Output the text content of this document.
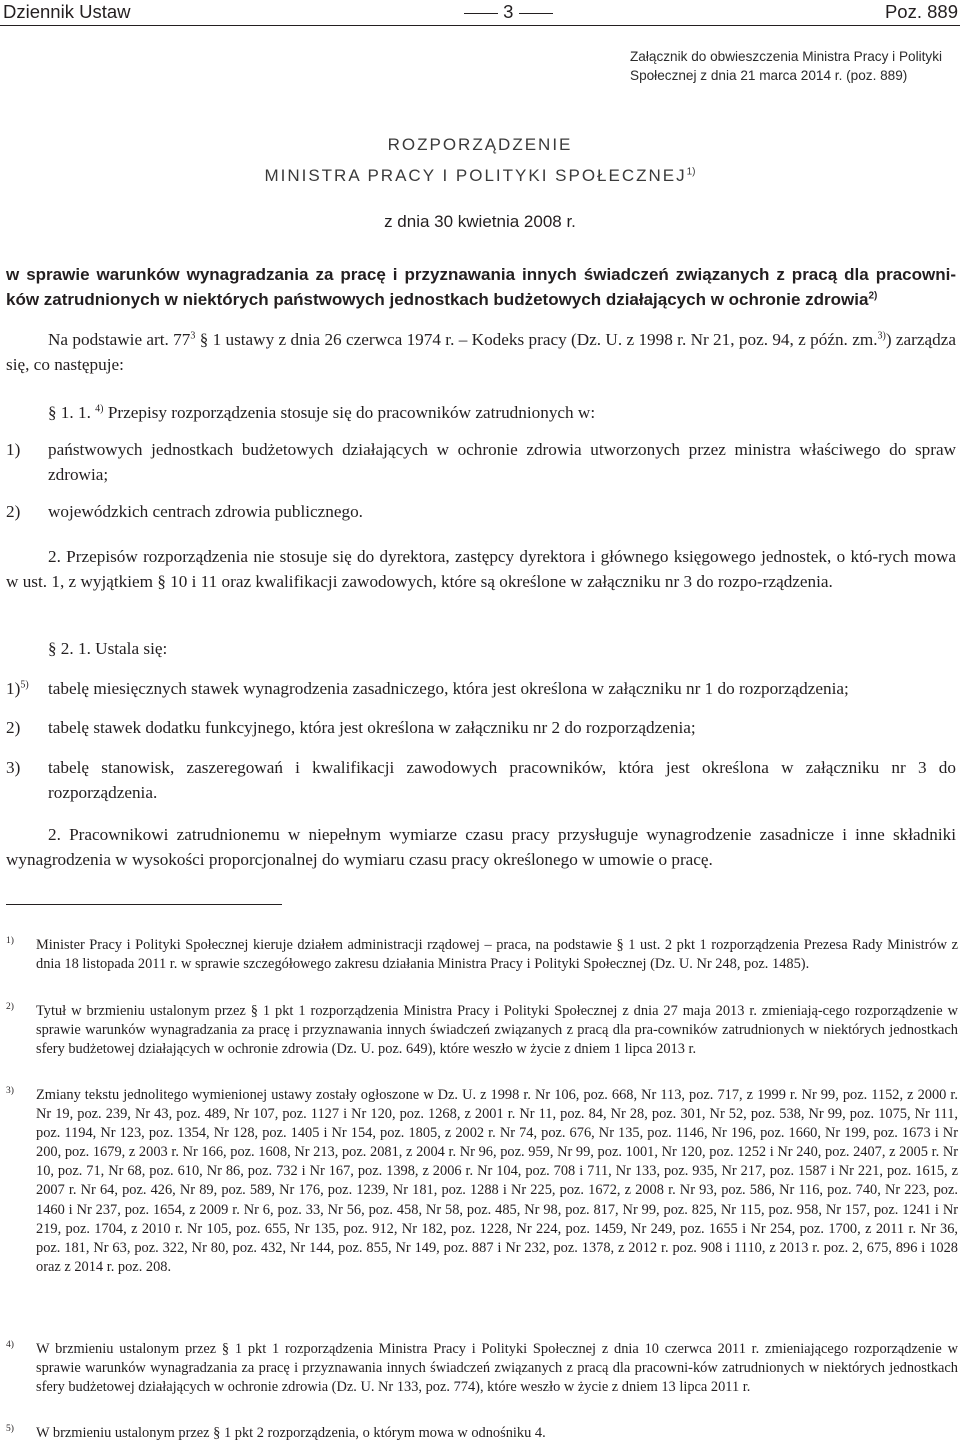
Dziennik Ustaw	3	Poz. 889
Załącznik do obwieszczenia Ministra Pracy i Polityki Społecznej z dnia 21 marca 2014 r. (poz. 889)
ROZPORZĄDZENIE
MINISTRA PRACY I POLITYKI SPOŁECZNEJ$^{1)}$
z dnia 30 kwietnia 2008 r.
w sprawie warunków wynagradzania za pracę i przyznawania innych świadczeń związanych z pracą dla pracowni-
ków zatrudnionych w niektórych państwowych jednostkach budżetowych działających w ochronie zdrowia$^{2)}$
Na podstawie art. $77^3$ § 1 ustawy z dnia 26 czerwca 1974 r. – Kodeks pracy (Dz. U. z 1998 r. Nr 21, poz. 94, z późn. zm.$^{3)}$) zarządza się, co następuje:
§ 1. 1. $^{4)}$ Przepisy rozporządzenia stosuje się do pracowników zatrudnionych w:
1) państwowych jednostkach budżetowych działających w ochronie zdrowia utworzonych przez ministra właściwego do spraw zdrowia;
2) wojewódzkich centrach zdrowia publicznego.
2. Przepisów rozporządzenia nie stosuje się do dyrektora, zastępcy dyrektora i głównego księgowego jednostek, o któ-rych mowa w ust. 1, z wyjątkiem § 10 i 11 oraz kwalifikacji zawodowych, które są określone w załączniku nr 3 do rozpo-rządzenia.
§ 2. 1. Ustala się:
1)$^{5)}$ tabelę miesięcznych stawek wynagrodzenia zasadniczego, która jest określona w załączniku nr 1 do rozporządzenia;
2) tabelę stawek dodatku funkcyjnego, która jest określona w załączniku nr 2 do rozporządzenia;
3) tabelę stanowisk, zaszeregowań i kwalifikacji zawodowych pracowników, która jest określona w załączniku nr 3 do rozporządzenia.
2. Pracownikowi zatrudnionemu w niepełnym wymiarze czasu pracy przysługuje wynagrodzenie zasadnicze i inne składniki wynagrodzenia w wysokości proporcjonalnej do wymiaru czasu pracy określonego w umowie o pracę.
1) Minister Pracy i Polityki Społecznej kieruje działem administracji rządowej – praca, na podstawie § 1 ust. 2 pkt 1 rozporządzenia Prezesa Rady Ministrów z dnia 18 listopada 2011 r. w sprawie szczegółowego zakresu działania Ministra Pracy i Polityki Społecznej (Dz. U. Nr 248, poz. 1485).
2) Tytuł w brzmieniu ustalonym przez § 1 pkt 1 rozporządzenia Ministra Pracy i Polityki Społecznej z dnia 27 maja 2013 r. zmieniają-cego rozporządzenie w sprawie warunków wynagradzania za pracę i przyznawania innych świadczeń związanych z pracą dla pra-cowników zatrudnionych w niektórych jednostkach sfery budżetowej działających w ochronie zdrowia (Dz. U. poz. 649), które weszło w życie z dniem 1 lipca 2013 r.
3) Zmiany tekstu jednolitego wymienionej ustawy zostały ogłoszone w Dz. U. z 1998 r. Nr 106, poz. 668, Nr 113, poz. 717, z 1999 r. Nr 99, poz. 1152, z 2000 r. Nr 19, poz. 239, Nr 43, poz. 489, Nr 107, poz. 1127 i Nr 120, poz. 1268, z 2001 r. Nr 11, poz. 84, Nr 28, poz. 301, Nr 52, poz. 538, Nr 99, poz. 1075, Nr 111, poz. 1194, Nr 123, poz. 1354, Nr 128, poz. 1405 i Nr 154, poz. 1805, z 2002 r. Nr 74, poz. 676, Nr 135, poz. 1146, Nr 196, poz. 1660, Nr 199, poz. 1673 i Nr 200, poz. 1679, z 2003 r. Nr 166, poz. 1608, Nr 213, poz. 2081, z 2004 r. Nr 96, poz. 959, Nr 99, poz. 1001, Nr 120, poz. 1252 i Nr 240, poz. 2407, z 2005 r. Nr 10, poz. 71, Nr 68, poz. 610, Nr 86, poz. 732 i Nr 167, poz. 1398, z 2006 r. Nr 104, poz. 708 i 711, Nr 133, poz. 935, Nr 217, poz. 1587 i Nr 221, poz. 1615, z 2007 r. Nr 64, poz. 426, Nr 89, poz. 589, Nr 176, poz. 1239, Nr 181, poz. 1288 i Nr 225, poz. 1672, z 2008 r. Nr 93, poz. 586, Nr 116, poz. 740, Nr 223, poz. 1460 i Nr 237, poz. 1654, z 2009 r. Nr 6, poz. 33, Nr 56, poz. 458, Nr 58, poz. 485, Nr 98, poz. 817, Nr 99, poz. 825, Nr 115, poz. 958, Nr 157, poz. 1241 i Nr 219, poz. 1704, z 2010 r. Nr 105, poz. 655, Nr 135, poz. 912, Nr 182, poz. 1228, Nr 224, poz. 1459, Nr 249, poz. 1655 i Nr 254, poz. 1700, z 2011 r. Nr 36, poz. 181, Nr 63, poz. 322, Nr 80, poz. 432, Nr 144, poz. 855, Nr 149, poz. 887 i Nr 232, poz. 1378, z 2012 r. poz. 908 i 1110, z 2013 r. poz. 2, 675, 896 i 1028 oraz z 2014 r. poz. 208.
4) W brzmieniu ustalonym przez § 1 pkt 1 rozporządzenia Ministra Pracy i Polityki Społecznej z dnia 10 czerwca 2011 r. zmieniającego rozporządzenie w sprawie warunków wynagradzania za pracę i przyznawania innych świadczeń związanych z pracą dla pracowni-ków zatrudnionych w niektórych jednostkach sfery budżetowej działających w ochronie zdrowia (Dz. U. Nr 133, poz. 774), które weszło w życie z dniem 13 lipca 2011 r.
5) W brzmieniu ustalonym przez § 1 pkt 2 rozporządzenia, o którym mowa w odnośniku 4.
